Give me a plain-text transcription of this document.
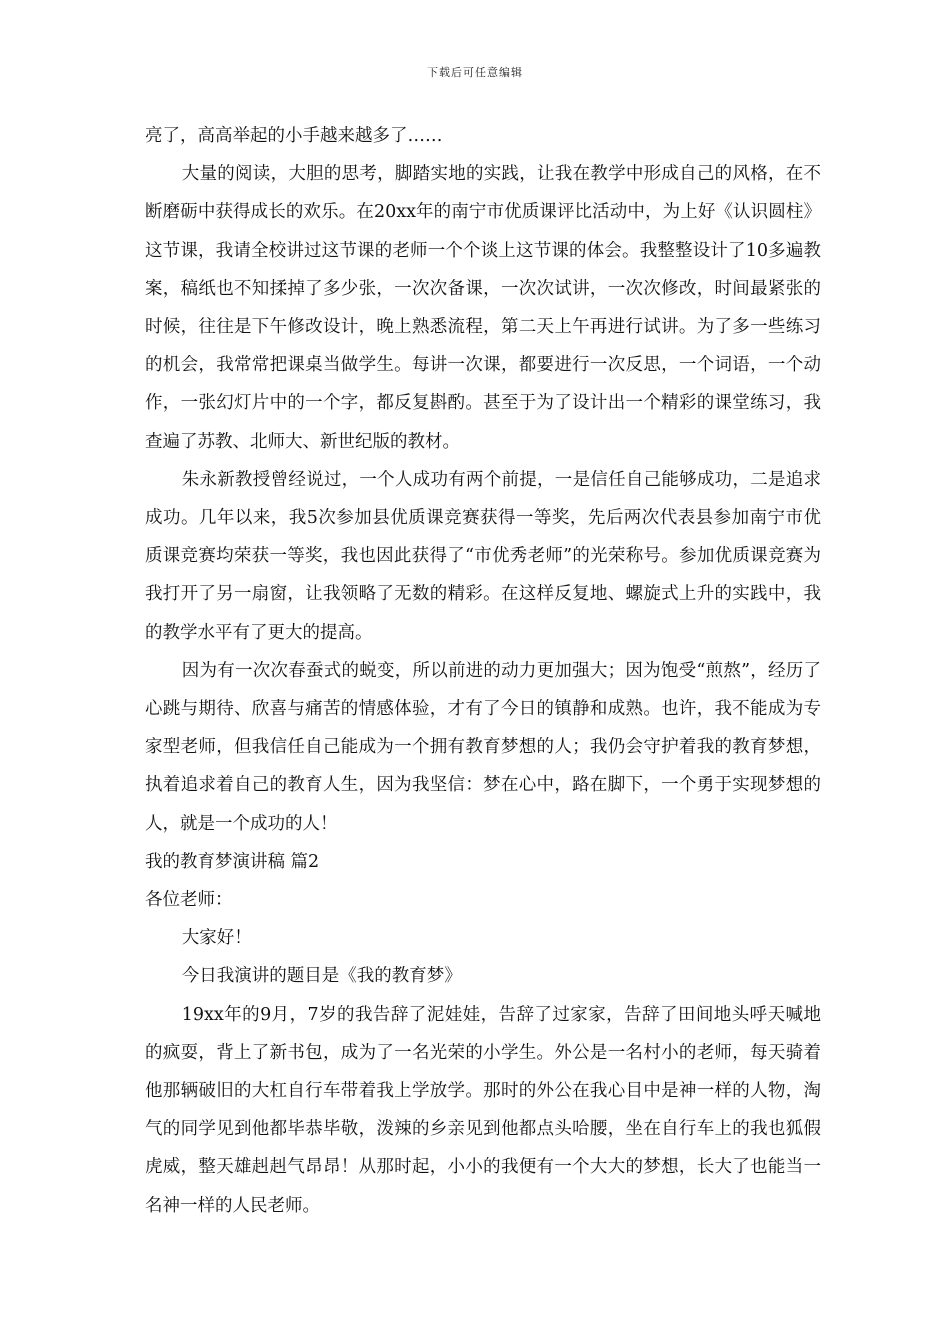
下载后可任意编辑

亮了，高高举起的小手越来越多了……

大量的阅读，大胆的思考，脚踏实地的实践，让我在教学中形成自己的风格，在不断磨砺中获得成长的欢乐。在20xx年的南宁市优质课评比活动中，为上好《认识圆柱》这节课，我请全校讲过这节课的老师一个个谈上这节课的体会。我整整设计了10多遍教案，稿纸也不知揉掉了多少张，一次次备课，一次次试讲，一次次修改，时间最紧张的时候，往往是下午修改设计，晚上熟悉流程，第二天上午再进行试讲。为了多一些练习的机会，我常常把课桌当做学生。每讲一次课，都要进行一次反思，一个词语，一个动作，一张幻灯片中的一个字，都反复斟酌。甚至于为了设计出一个精彩的课堂练习，我查遍了苏教、北师大、新世纪版的教材。

朱永新教授曾经说过，一个人成功有两个前提，一是信任自己能够成功，二是追求成功。几年以来，我5次参加县优质课竞赛获得一等奖，先后两次代表县参加南宁市优质课竞赛均荣获一等奖，我也因此获得了“市优秀老师”的光荣称号。参加优质课竞赛为我打开了另一扇窗，让我领略了无数的精彩。在这样反复地、螺旋式上升的实践中，我的教学水平有了更大的提高。

因为有一次次春蚕式的蜕变，所以前进的动力更加强大；因为饱受“煎熬”，经历了心跳与期待、欣喜与痛苦的情感体验，才有了今日的镇静和成熟。也许，我不能成为专家型老师，但我信任自己能成为一个拥有教育梦想的人；我仍会守护着我的教育梦想，执着追求着自己的教育人生，因为我坚信：梦在心中，路在脚下，一个勇于实现梦想的人，就是一个成功的人！

我的教育梦演讲稿 篇2

各位老师：

大家好！

今日我演讲的题目是《我的教育梦》

19xx年的9月，7岁的我告辞了泥娃娃，告辞了过家家，告辞了田间地头呼天喊地的疯耍，背上了新书包，成为了一名光荣的小学生。外公是一名村小的老师，每天骑着他那辆破旧的大杠自行车带着我上学放学。那时的外公在我心目中是神一样的人物，淘气的同学见到他都毕恭毕敬，泼辣的乡亲见到他都点头哈腰，坐在自行车上的我也狐假虎威，整天雄赳赳气昂昂！从那时起，小小的我便有一个大大的梦想，长大了也能当一名神一样的人民老师。
